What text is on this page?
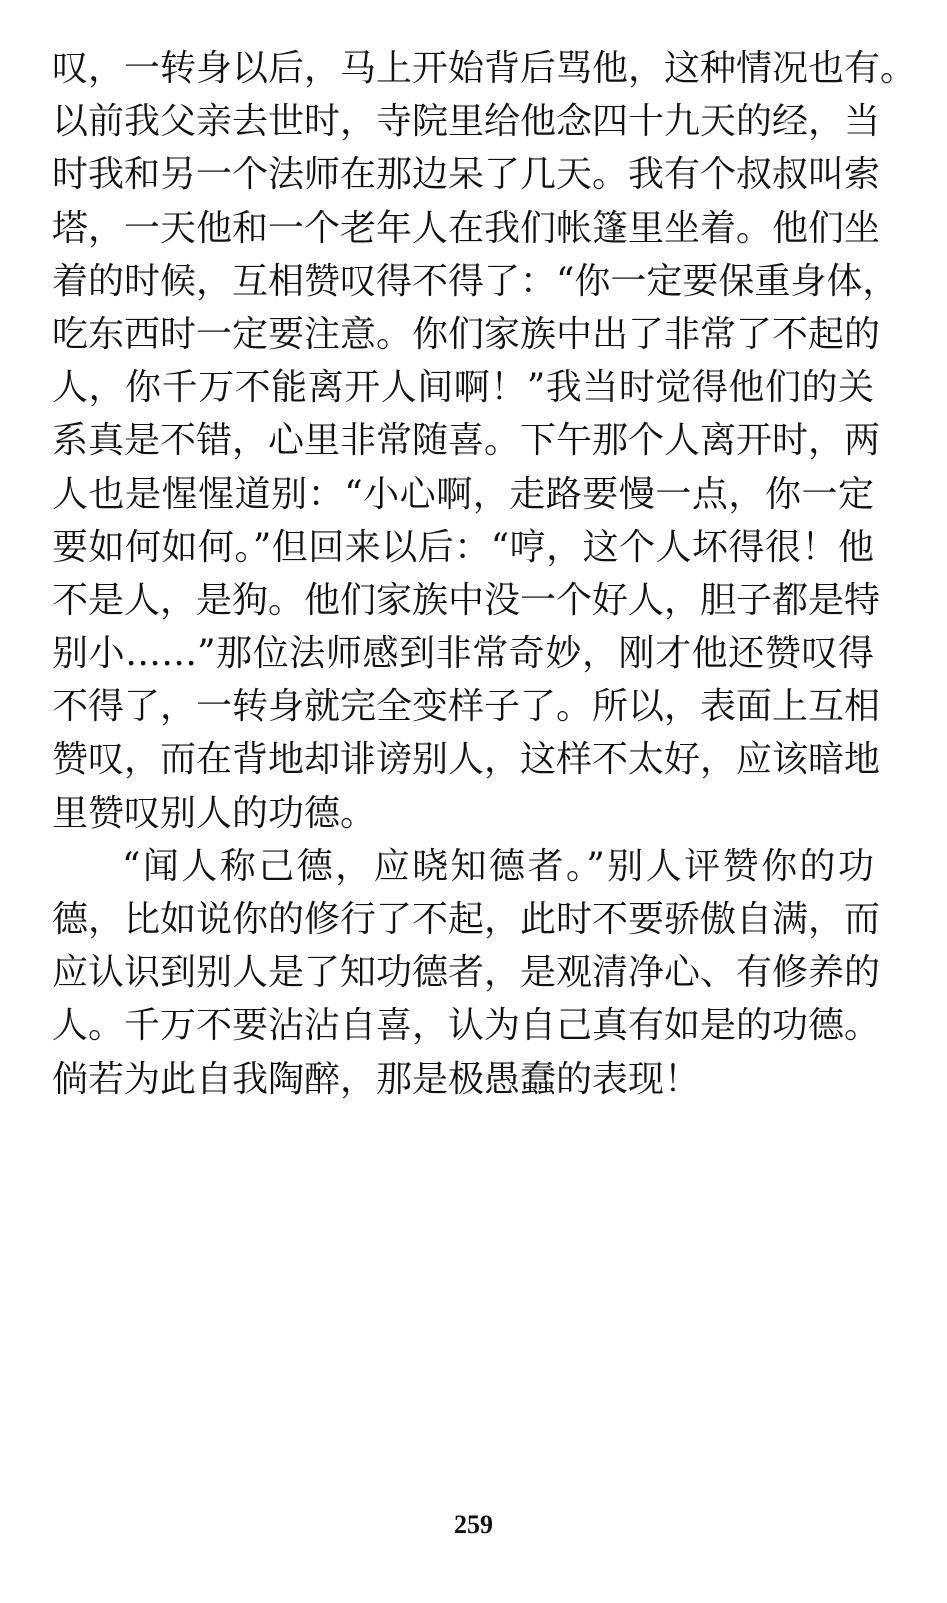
叹，一转身以后，马上开始背后骂他，这种情况也有。
以前我父亲去世时，寺院里给他念四十九天的经，当
时我和另一个法师在那边呆了几天。我有个叔叔叫索
塔，一天他和一个老年人在我们帐篷里坐着。他们坐
着的时候，互相赞叹得不得了：“你一定要保重身体，
吃东西时一定要注意。你们家族中出了非常了不起的
人，你千万不能离开人间啊！”我当时觉得他们的关
系真是不错，心里非常随喜。下午那个人离开时，两
人也是惺惺道别：“小心啊，走路要慢一点，你一定
要如何如何。”但回来以后：“哼，这个人坏得很！他
不是人，是狗。他们家族中没一个好人，胆子都是特
别小……”那位法师感到非常奇妙，刚才他还赞叹得
不得了，一转身就完全变样子了。所以，表面上互相
赞叹，而在背地却诽谤别人，这样不太好，应该暗地
里赞叹别人的功德。
“闻人称己德，应晓知德者。”别人评赞你的功
德，比如说你的修行了不起，此时不要骄傲自满，而
应认识到别人是了知功德者，是观清净心、有修养的
人。千万不要沾沾自喜，认为自己真有如是的功德。
倘若为此自我陶醉，那是极愚蠢的表现！
259
